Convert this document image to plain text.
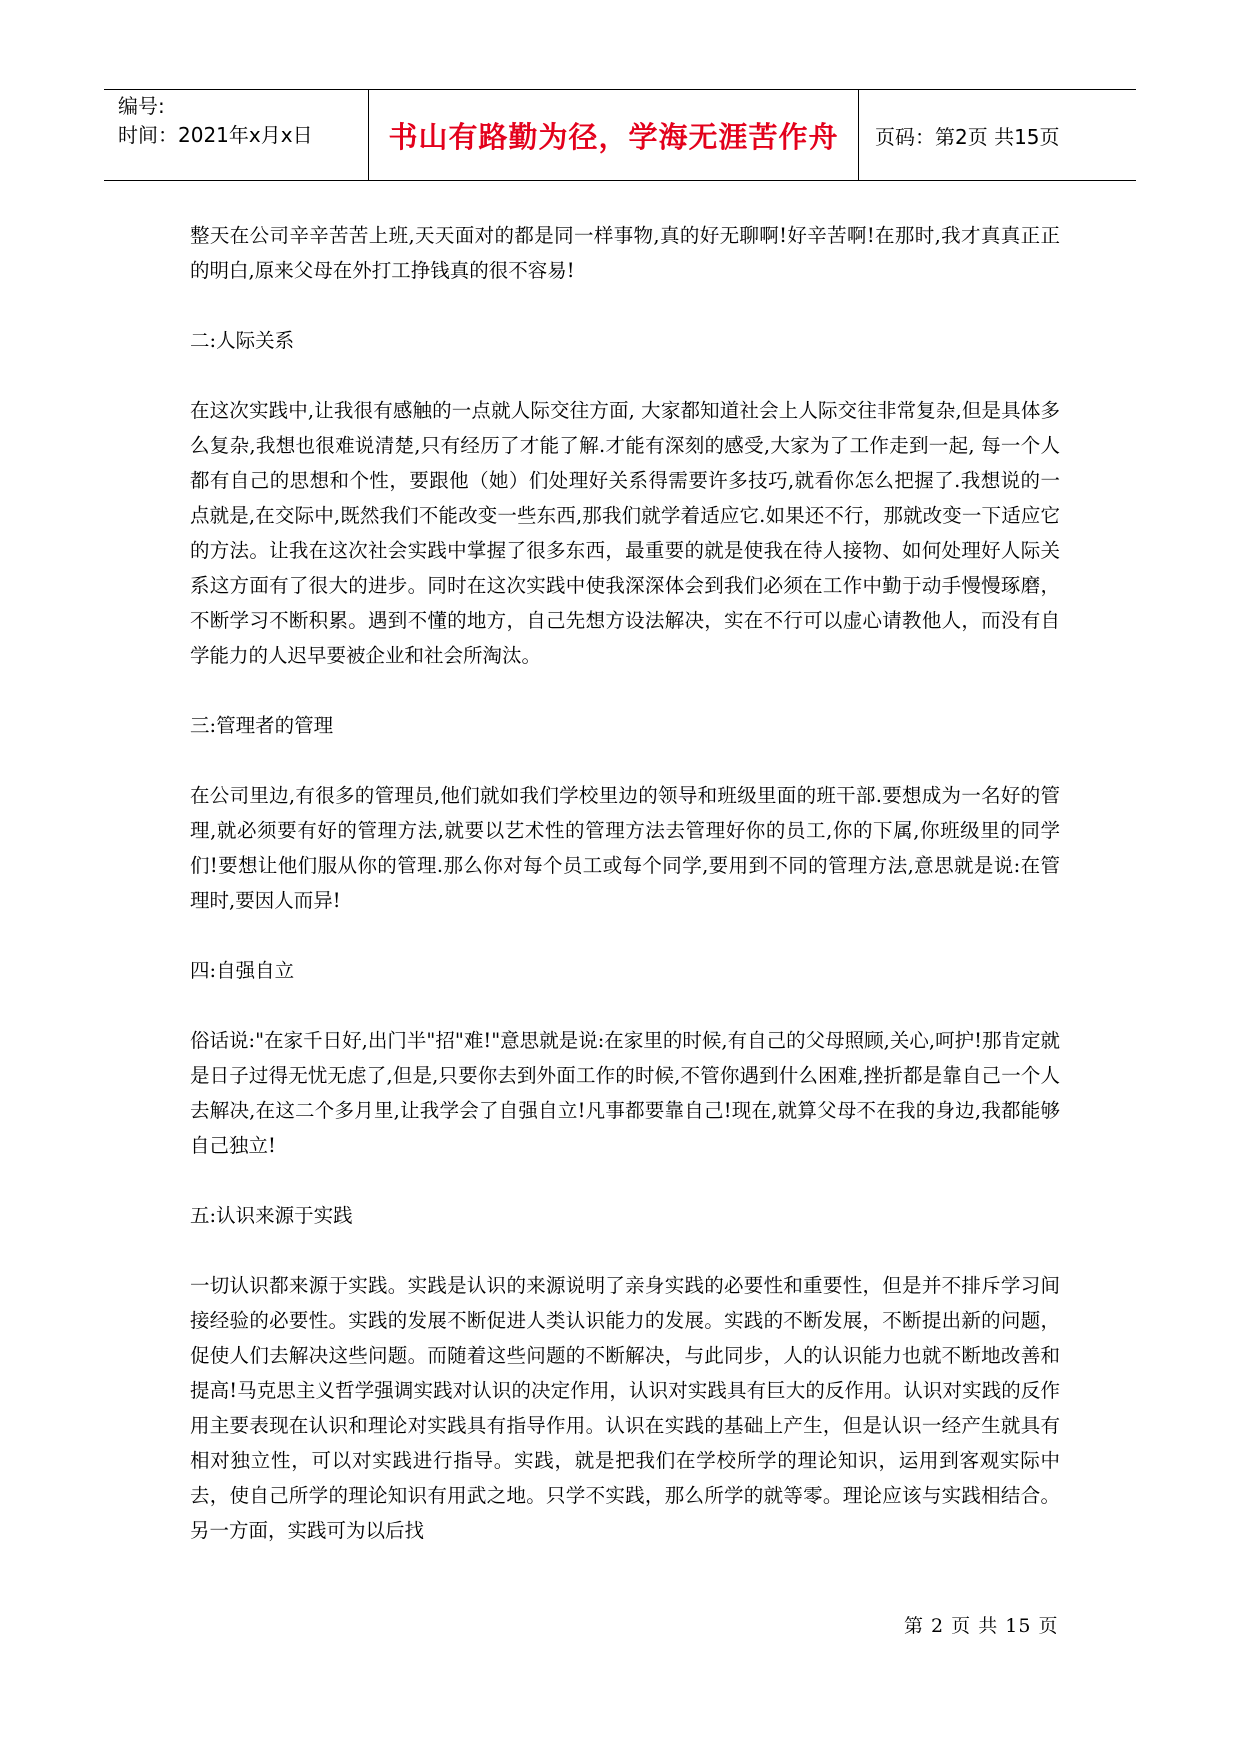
编号:
时间：2021年x月x日	书山有路勤为径，学海无涯苦作舟	页码：第2页 共15页

整天在公司辛辛苦苦上班,天天面对的都是同一样事物,真的好无聊啊!好辛苦啊!在那时,我才真真正正的明白,原来父母在外打工挣钱真的很不容易!

二:人际关系

在这次实践中,让我很有感触的一点就人际交往方面, 大家都知道社会上人际交往非常复杂,但是具体多么复杂,我想也很难说清楚,只有经历了才能了解.才能有深刻的感受,大家为了工作走到一起, 每一个人都有自己的思想和个性，要跟他（她）们处理好关系得需要许多技巧,就看你怎么把握了.我想说的一点就是,在交际中,既然我们不能改变一些东西,那我们就学着适应它.如果还不行，那就改变一下适应它的方法。让我在这次社会实践中掌握了很多东西，最重要的就是使我在待人接物、如何处理好人际关系这方面有了很大的进步。同时在这次实践中使我深深体会到我们必须在工作中勤于动手慢慢琢磨，不断学习不断积累。遇到不懂的地方，自己先想方设法解决，实在不行可以虚心请教他人，而没有自学能力的人迟早要被企业和社会所淘汰。

三:管理者的管理

在公司里边,有很多的管理员,他们就如我们学校里边的领导和班级里面的班干部.要想成为一名好的管理,就必须要有好的管理方法,就要以艺术性的管理方法去管理好你的员工,你的下属,你班级里的同学们!要想让他们服从你的管理.那么你对每个员工或每个同学,要用到不同的管理方法,意思就是说:在管理时,要因人而异!

四:自强自立

俗话说:"在家千日好,出门半"招"难!"意思就是说:在家里的时候,有自己的父母照顾,关心,呵护!那肯定就是日子过得无忧无虑了,但是,只要你去到外面工作的时候,不管你遇到什么困难,挫折都是靠自己一个人去解决,在这二个多月里,让我学会了自强自立!凡事都要靠自己!现在,就算父母不在我的身边,我都能够自己独立!

五:认识来源于实践

一切认识都来源于实践。实践是认识的来源说明了亲身实践的必要性和重要性，但是并不排斥学习间接经验的必要性。实践的发展不断促进人类认识能力的发展。实践的不断发展，不断提出新的问题，促使人们去解决这些问题。而随着这些问题的不断解决，与此同步，人的认识能力也就不断地改善和提高!马克思主义哲学强调实践对认识的决定作用，认识对实践具有巨大的反作用。认识对实践的反作用主要表现在认识和理论对实践具有指导作用。认识在实践的基础上产生，但是认识一经产生就具有相对独立性，可以对实践进行指导。实践，就是把我们在学校所学的理论知识，运用到客观实际中去，使自己所学的理论知识有用武之地。只学不实践，那么所学的就等零。理论应该与实践相结合。另一方面，实践可为以后找

第 2 页 共 15 页
